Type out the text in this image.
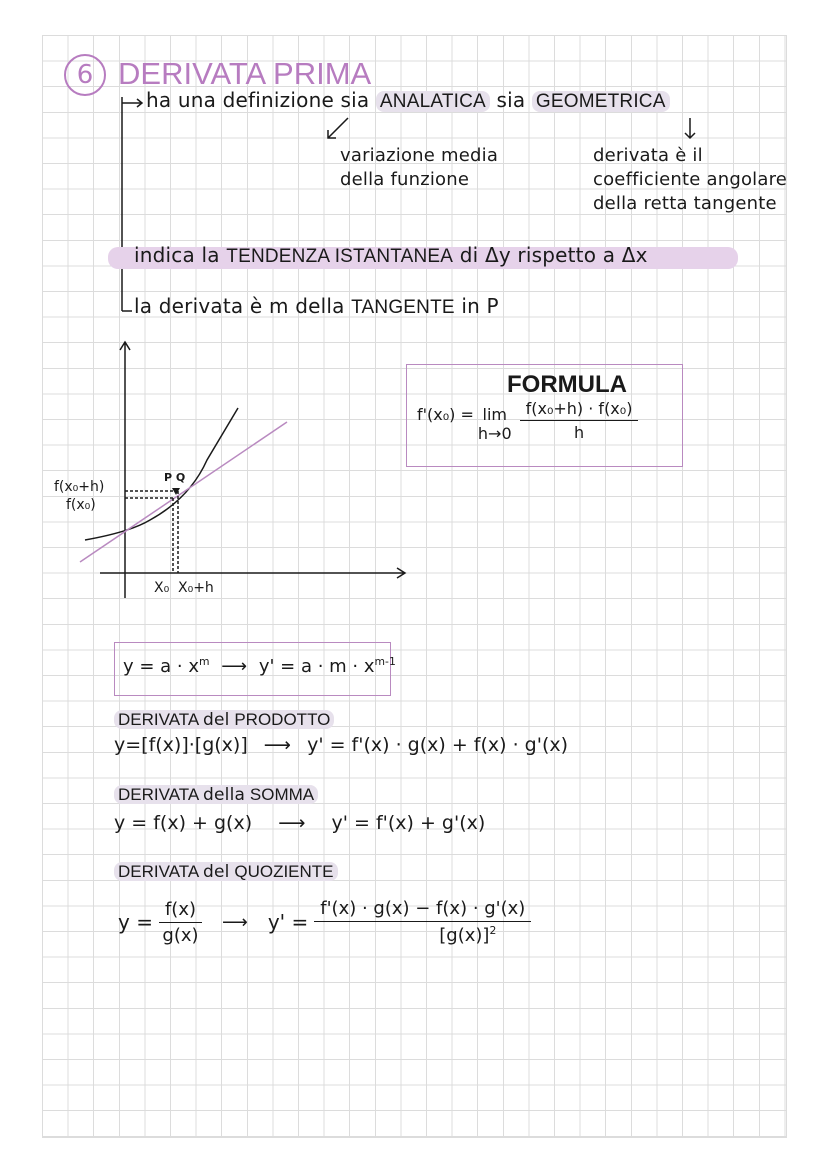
6 DERIVATA PRIMA
ha una definizione sia ANALATICA sia GEOMETRICA
variazione media
della funzione
derivata è il
coefficiente angolare
della retta tangente
indica la TENDENZA ISTANTANEA di Δy rispetto a Δx
la derivata è m della TANGENTE in P
f(x₀+h)
f(x₀)
P Q
X₀ X₀+h
FORMULA
f'(x₀) = lim
$h\to 0 \frac{\text{f(x₀+h) · f(x₀)}}{h}$
$y = a \cdot x^m$ ⟶ $y' = a \cdot m \cdot x^{m-1}$
DERIVATA del PRODOTTO
y=[f(x)]·[g(x)] ⟶ y' = f'(x) · g(x) + f(x) · g'(x)
DERIVATA della SOMMA
y = f(x) + g(x) ⟶ y' = f'(x) + g'(x)
DERIVATA del QUOZIENTE
$y = \frac{f(x)}{g(x)}$ ⟶ $y' = \frac{f'(x) \cdot g(x) - f(x) \cdot g'(x)}{[g(x)]^2}$
